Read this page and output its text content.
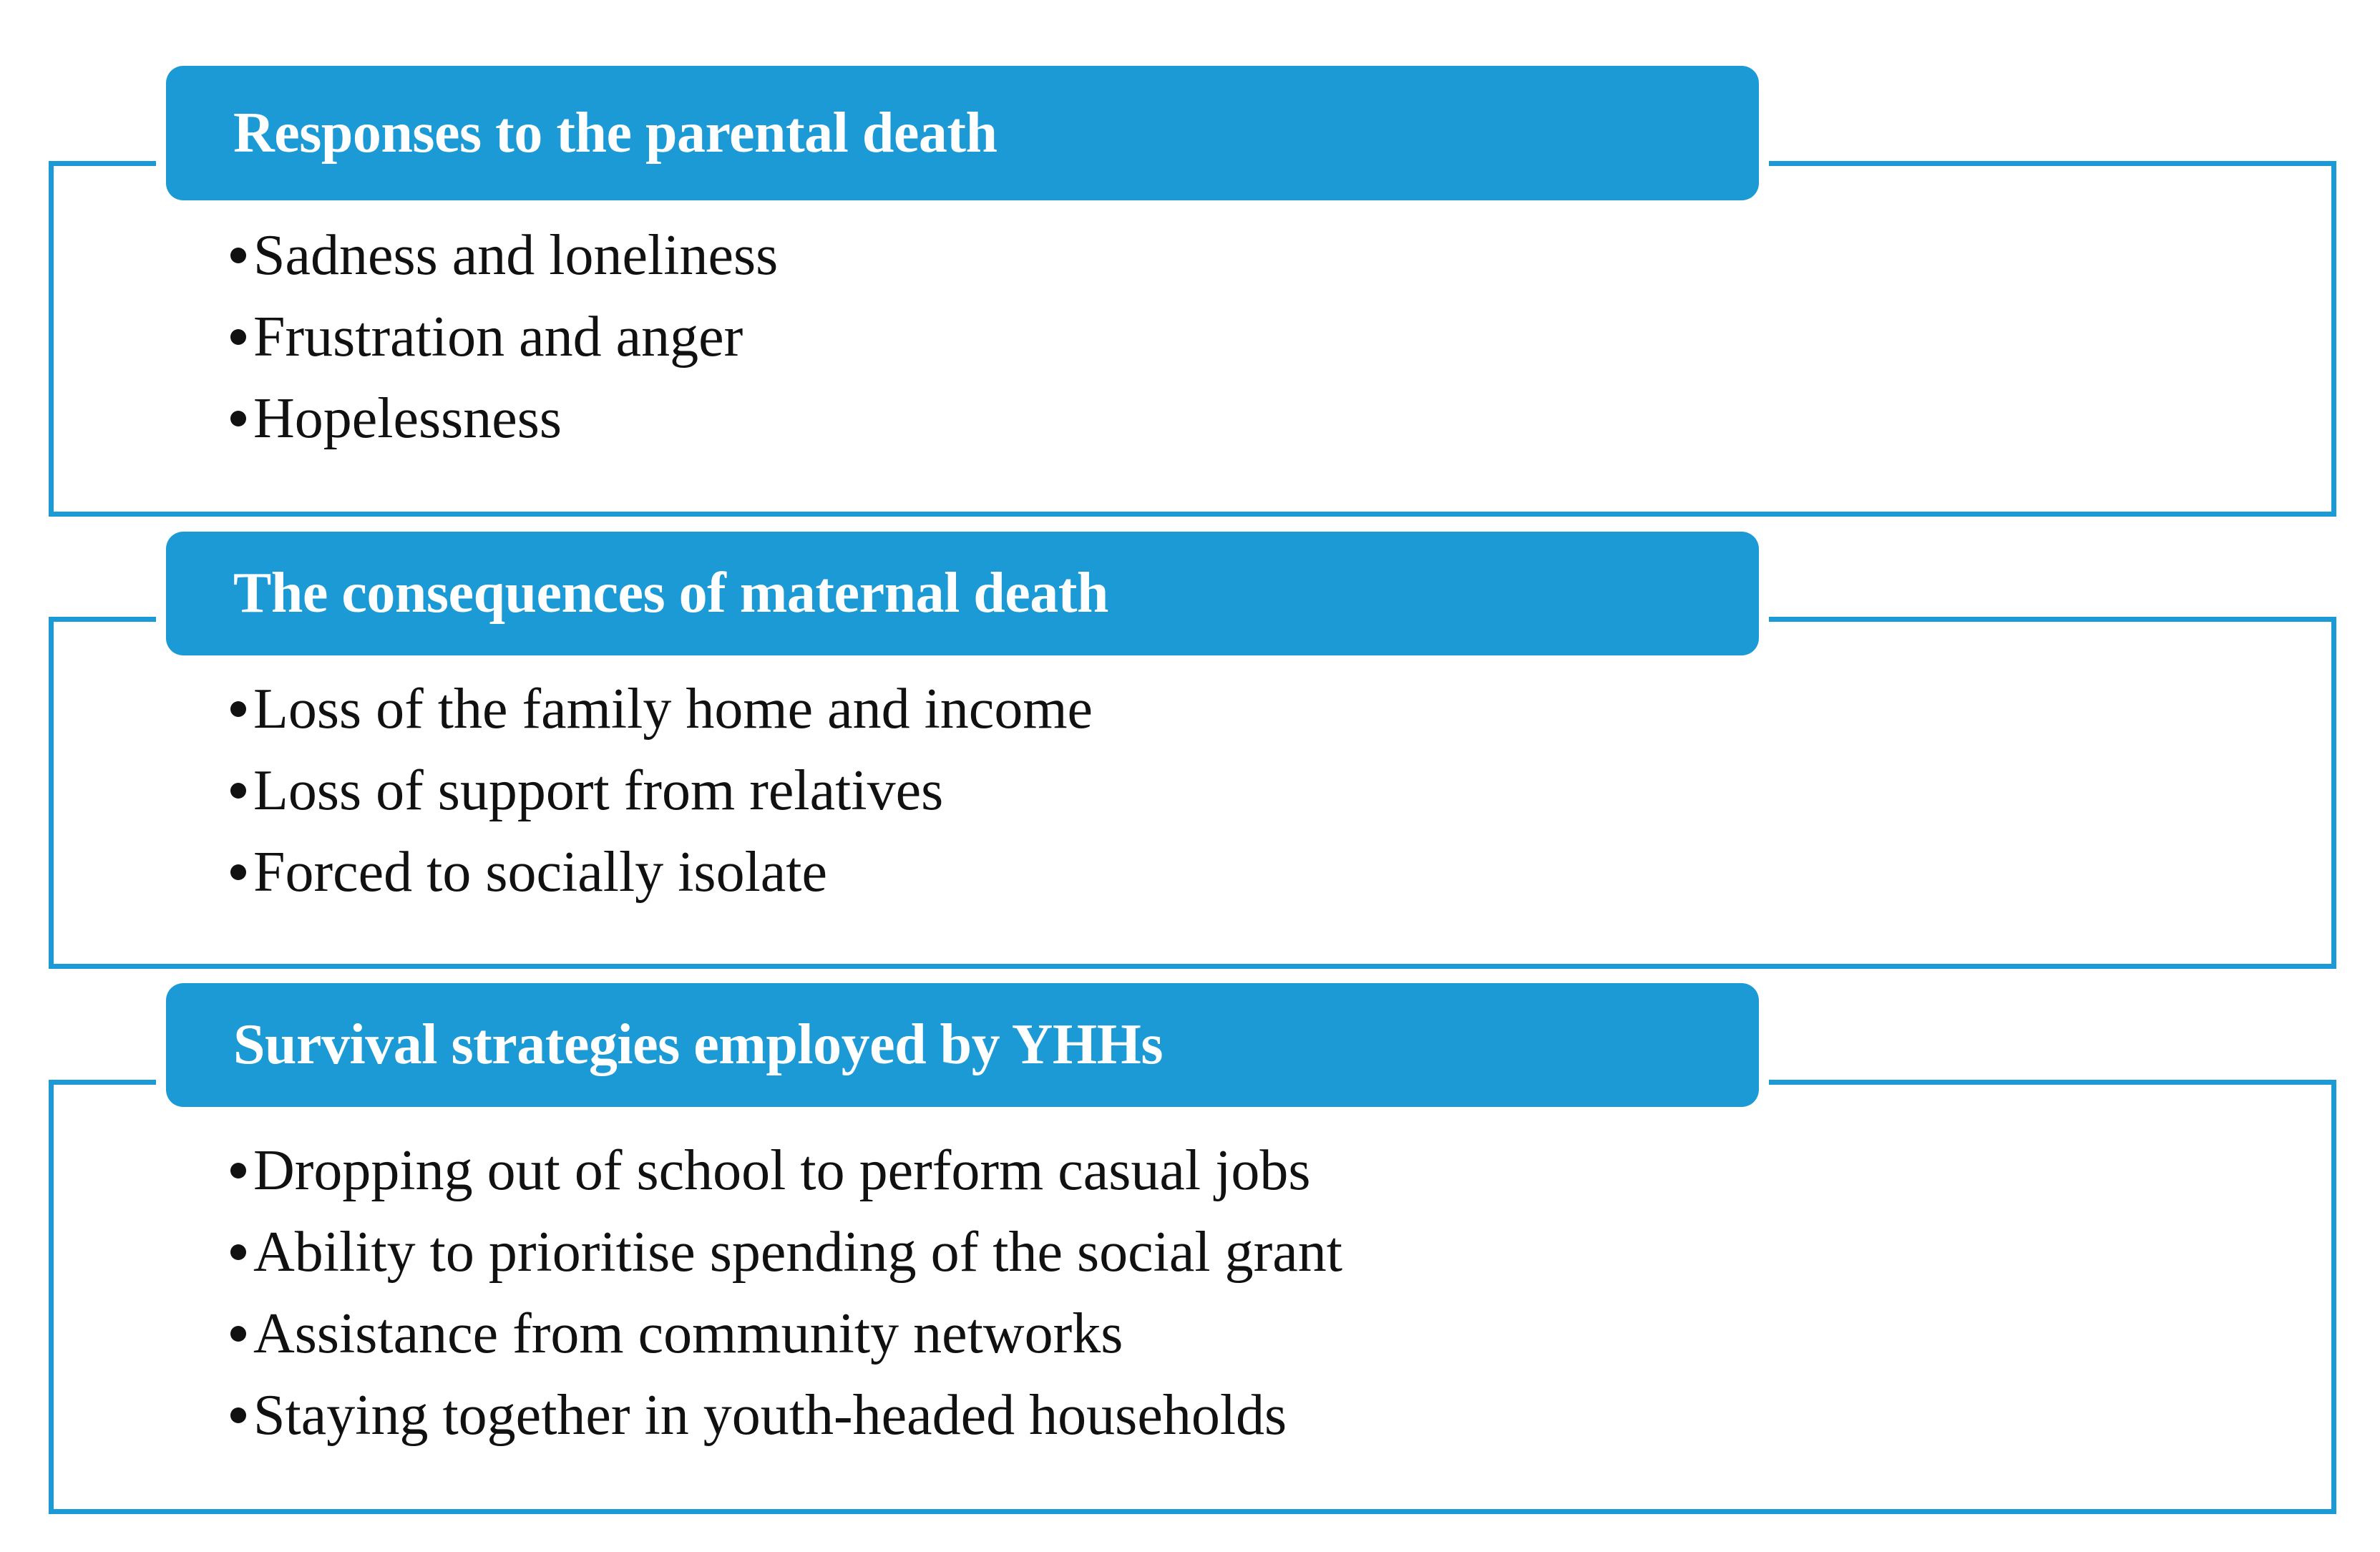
Responses to the parental death
Sadness and loneliness
Frustration and anger
Hopelessness
The consequences of maternal death
Loss of the family home and income
Loss of support from relatives
Forced to socially isolate
Survival strategies employed by YHHs
Dropping out of school to perform casual jobs
Ability to prioritise spending of the social grant
Assistance from community networks
Staying together in youth-headed households
